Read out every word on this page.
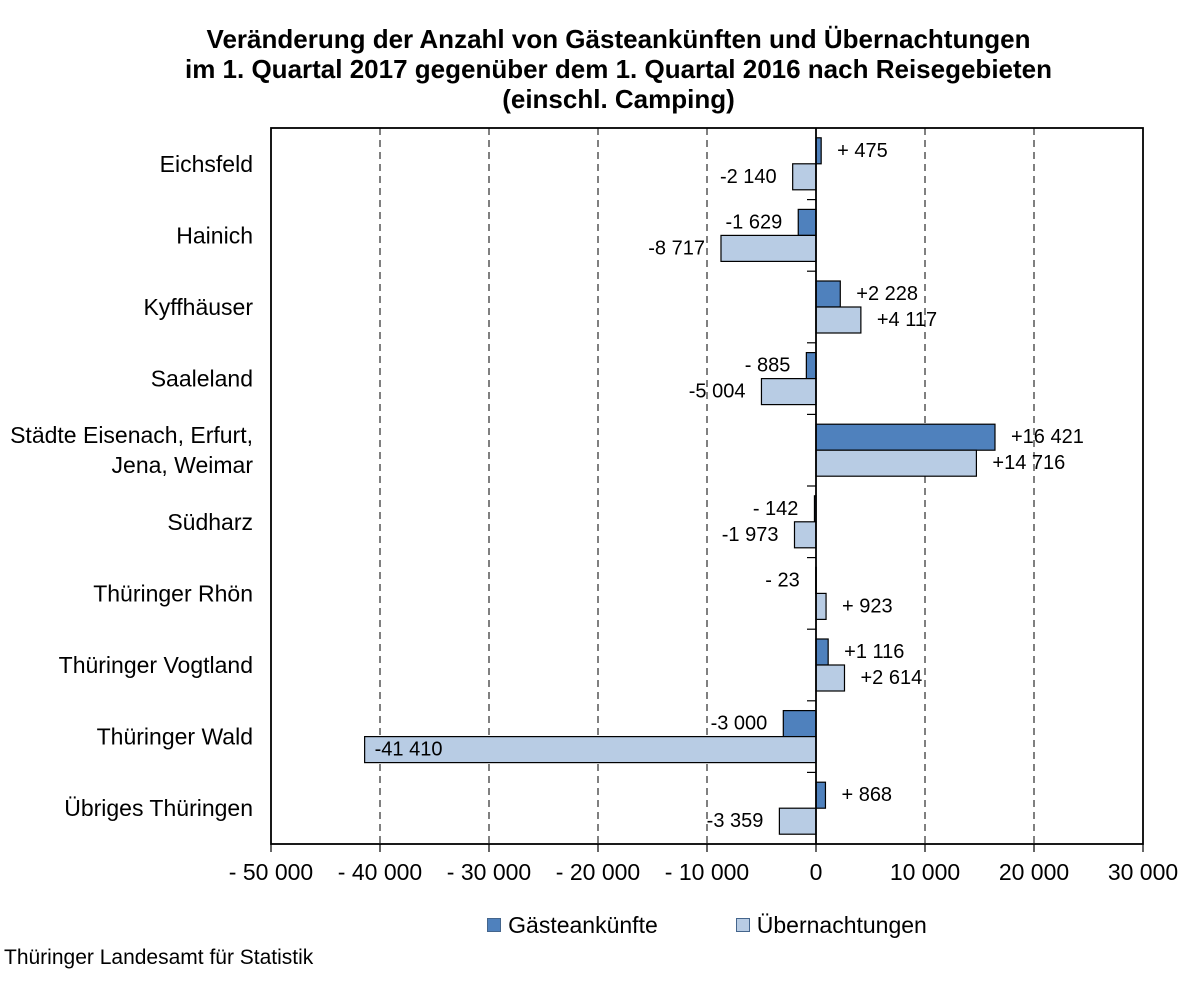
Veränderung der Anzahl von Gästeankünften und Übernachtungen
im 1. Quartal 2017 gegenüber dem 1. Quartal 2016 nach Reisegebieten
(einschl. Camping)
+ 475
-1 629
+2 228
- 885
+16 421
- 142
- 23
+1 116
-3 000
+ 868
-2 140
-8 717
+4 117
-5 004
+14 716
-1 973
+ 923
+2 614
-41 410
-3 359
- 50 000 - 40 000 - 30 000 - 20 000 - 10 000	0	10 000 20 000 30 000
Eichsfeld
Hainich
Kyffhäuser
Saaleland
Städte Eisenach, Erfurt, Jena, Weimar
Südharz
Thüringer Rhön
Thüringer Vogtland
Thüringer Wald
Übriges Thüringen
Gästeankünfte	Übernachtungen
Thüringer Landesamt für Statistik
